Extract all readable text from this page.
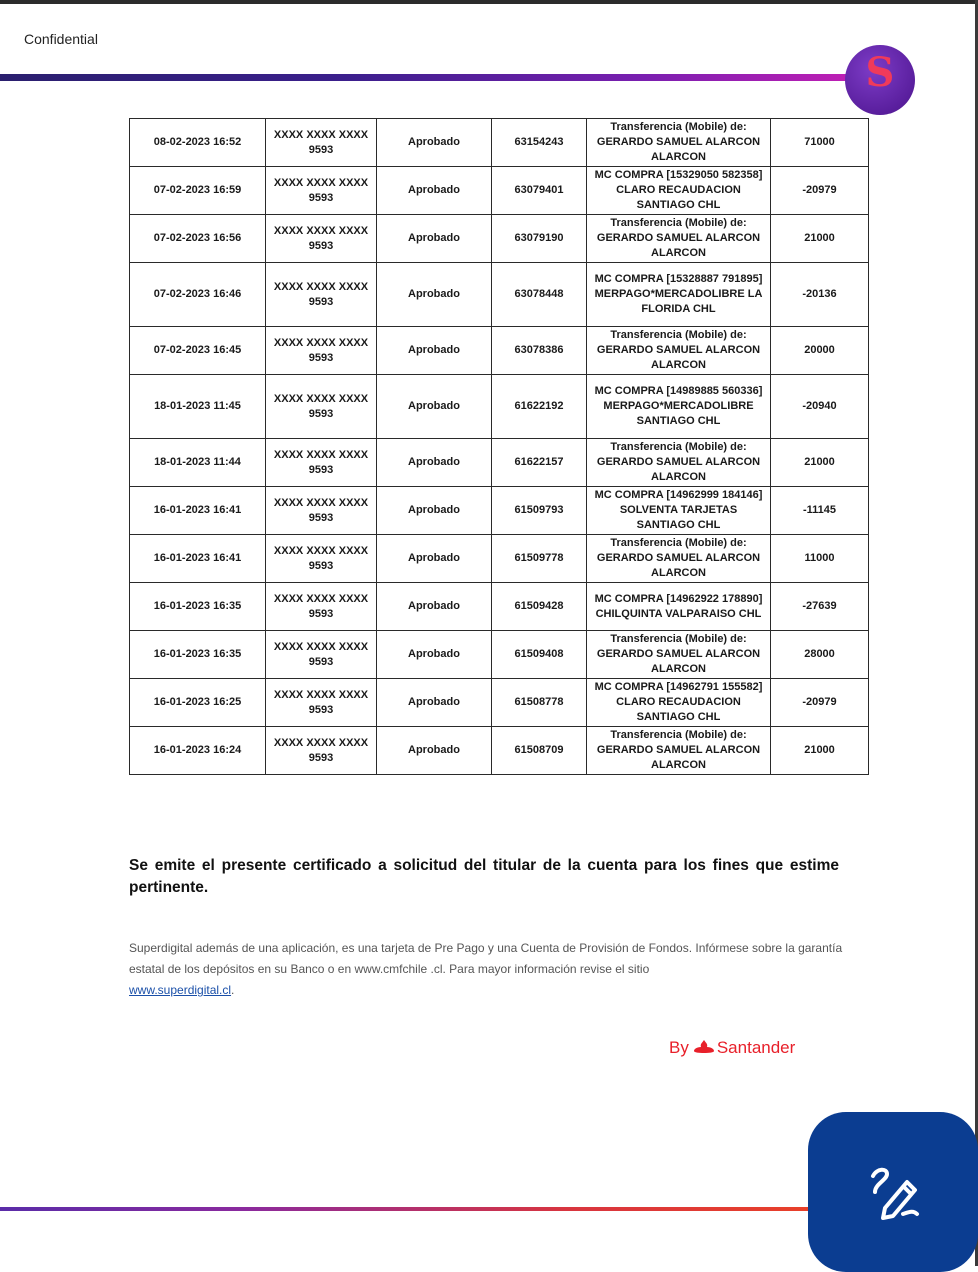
Confidential
S
08-02-2023 16:52	XXXX XXXX XXXX 9593	Aprobado	63154243	Transferencia (Mobile) de: GERARDO SAMUEL ALARCON ALARCON	71000
07-02-2023 16:59	XXXX XXXX XXXX 9593	Aprobado	63079401	MC COMPRA [15329050 582358] CLARO RECAUDACION SANTIAGO CHL	-20979
07-02-2023 16:56	XXXX XXXX XXXX 9593	Aprobado	63079190	Transferencia (Mobile) de: GERARDO SAMUEL ALARCON ALARCON	21000
07-02-2023 16:46	XXXX XXXX XXXX 9593	Aprobado	63078448	MC COMPRA [15328887 791895] MERPAGO*MERCADOLIBRE LA FLORIDA CHL	-20136
07-02-2023 16:45	XXXX XXXX XXXX 9593	Aprobado	63078386	Transferencia (Mobile) de: GERARDO SAMUEL ALARCON ALARCON	20000
18-01-2023 11:45	XXXX XXXX XXXX 9593	Aprobado	61622192	MC COMPRA [14989885 560336] MERPAGO*MERCADOLIBRE SANTIAGO CHL	-20940
18-01-2023 11:44	XXXX XXXX XXXX 9593	Aprobado	61622157	Transferencia (Mobile) de: GERARDO SAMUEL ALARCON ALARCON	21000
16-01-2023 16:41	XXXX XXXX XXXX 9593	Aprobado	61509793	MC COMPRA [14962999 184146] SOLVENTA TARJETAS SANTIAGO CHL	-11145
16-01-2023 16:41	XXXX XXXX XXXX 9593	Aprobado	61509778	Transferencia (Mobile) de: GERARDO SAMUEL ALARCON ALARCON	11000
16-01-2023 16:35	XXXX XXXX XXXX 9593	Aprobado	61509428	MC COMPRA [14962922 178890] CHILQUINTA VALPARAISO CHL	-27639
16-01-2023 16:35	XXXX XXXX XXXX 9593	Aprobado	61509408	Transferencia (Mobile) de: GERARDO SAMUEL ALARCON ALARCON	28000
16-01-2023 16:25	XXXX XXXX XXXX 9593	Aprobado	61508778	MC COMPRA [14962791 155582] CLARO RECAUDACION SANTIAGO CHL	-20979
16-01-2023 16:24	XXXX XXXX XXXX 9593	Aprobado	61508709	Transferencia (Mobile) de: GERARDO SAMUEL ALARCON ALARCON	21000
Se emite el presente certificado a solicitud del titular de la cuenta para los fines que estime pertinente.
Superdigital además de una aplicación, es una tarjeta de Pre Pago y una Cuenta de Provisión de Fondos. Infórmese sobre la garantía estatal de los depósitos en su Banco o en www.cmfchile .cl. Para mayor información revise el sitio
www.superdigital.cl.
By Santander
